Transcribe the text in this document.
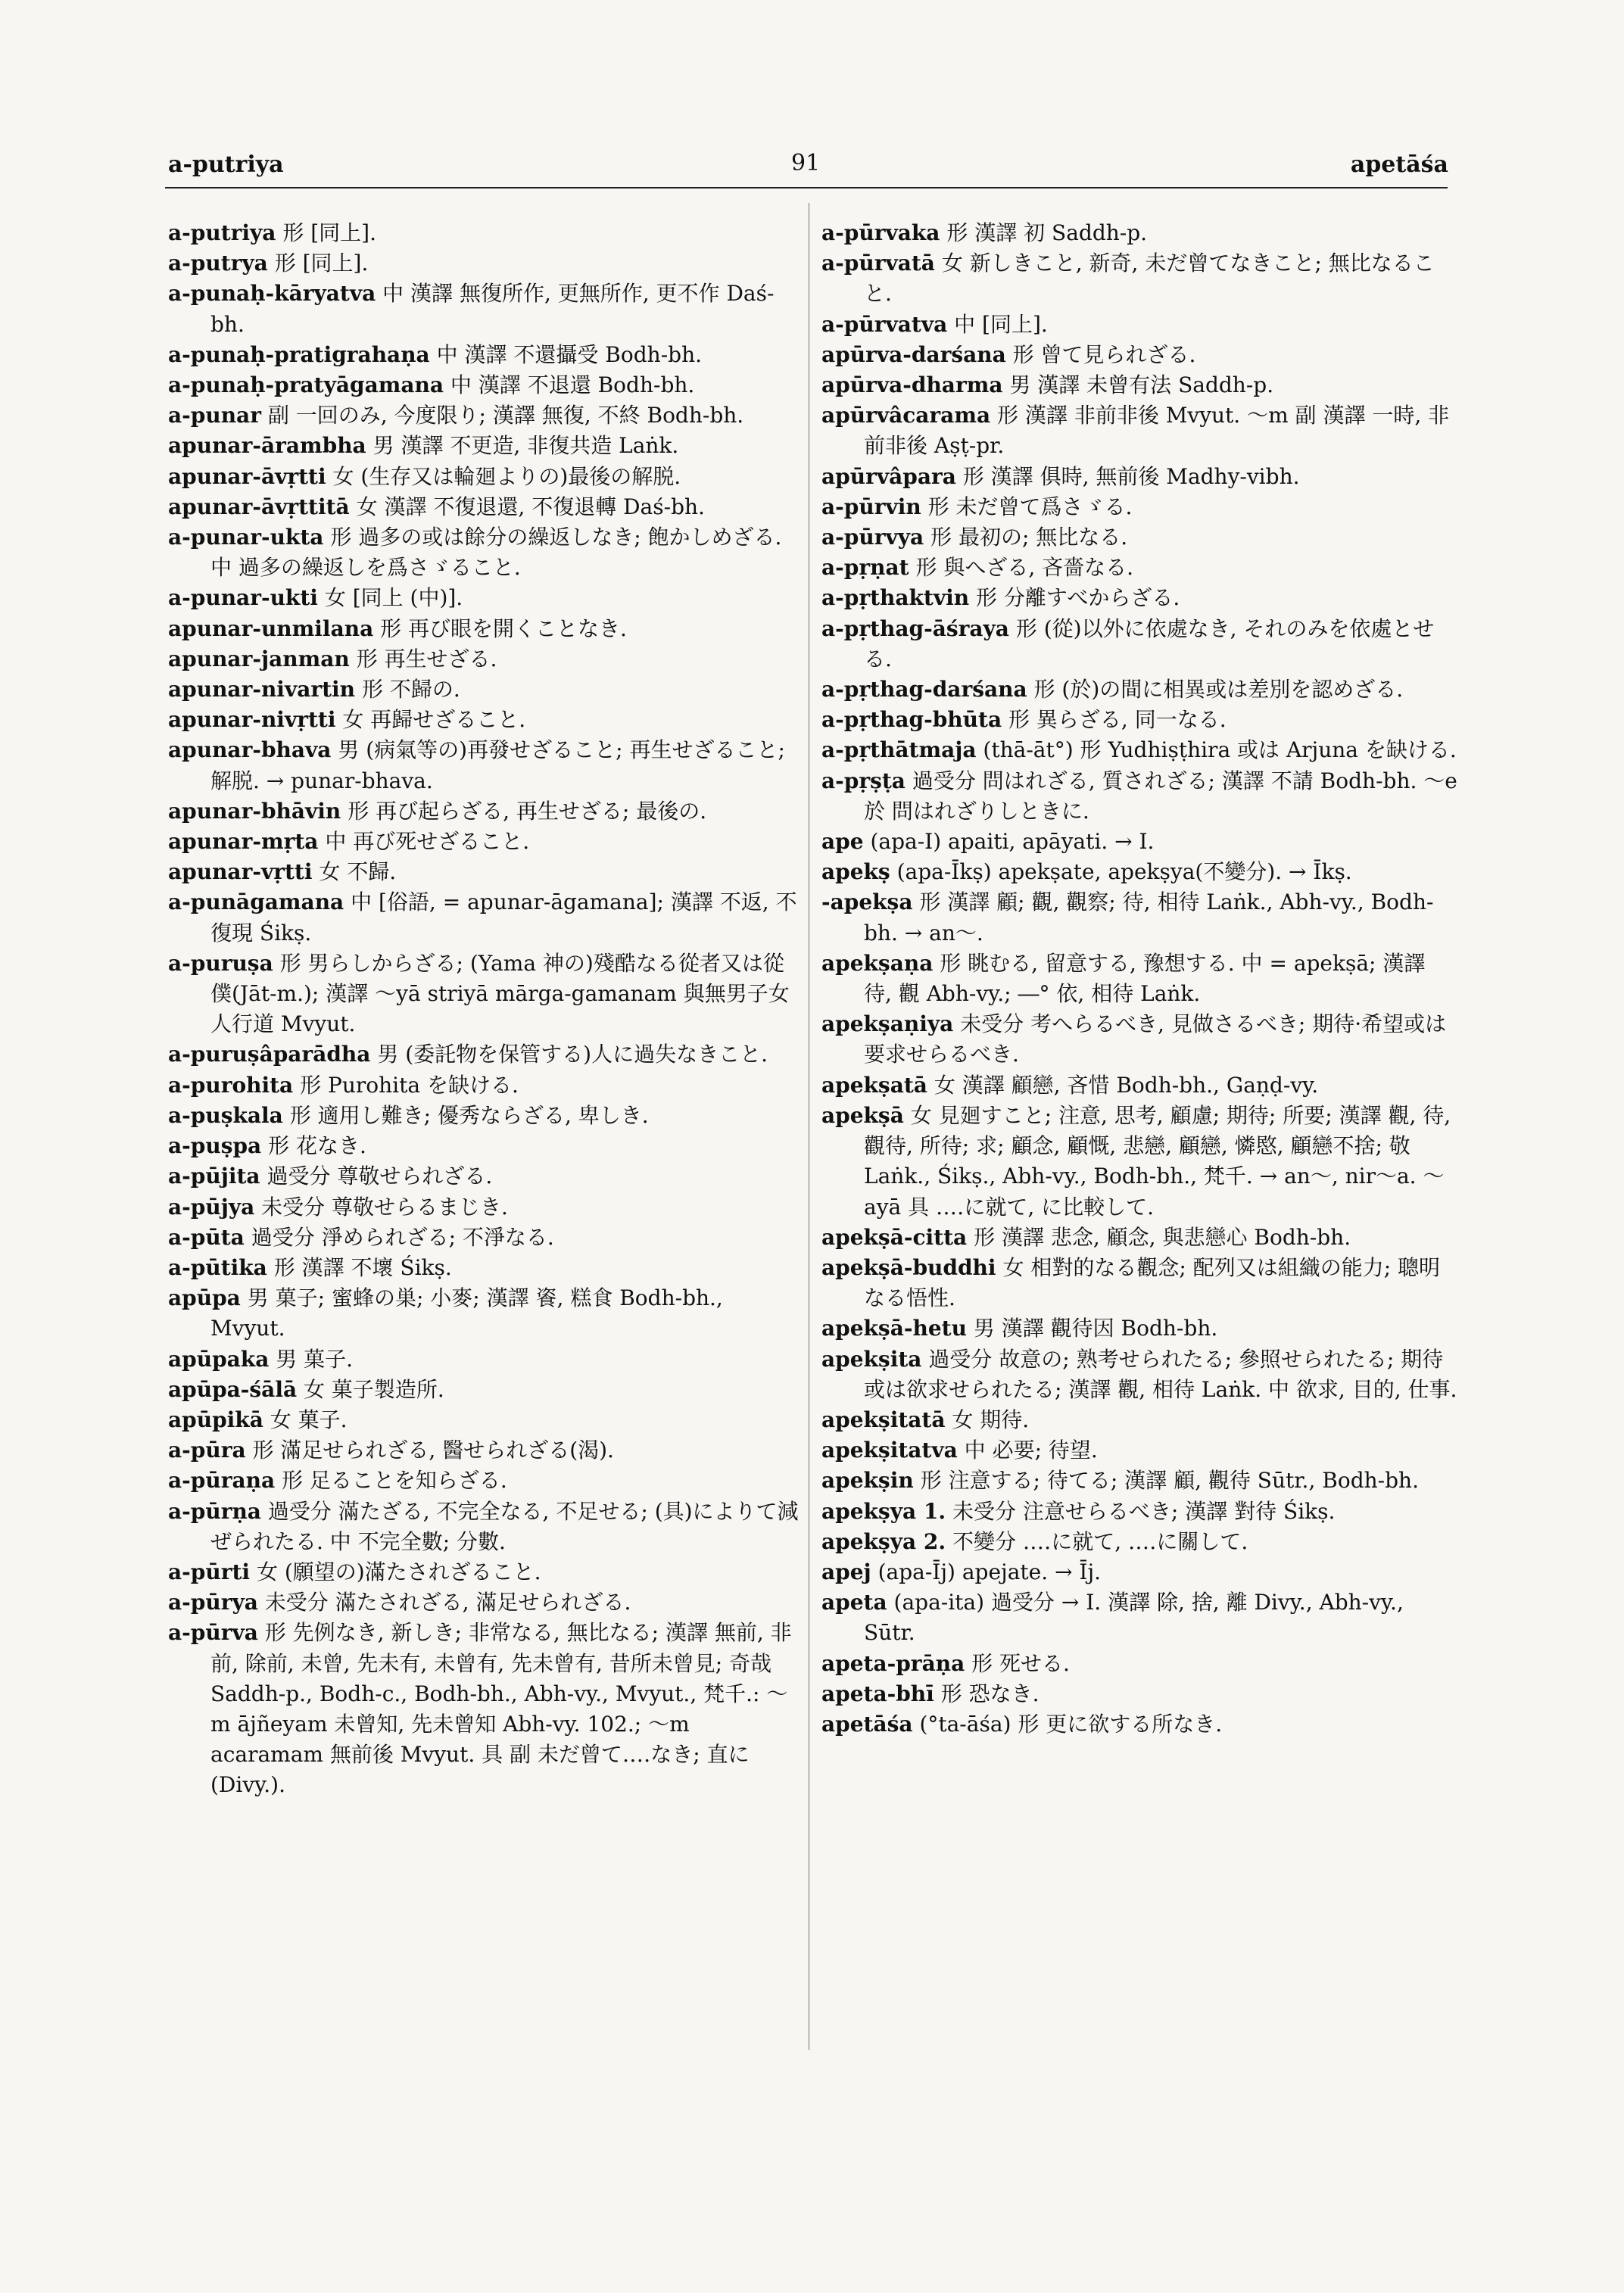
a-putriya	91	apetāśa
a-putriya 形 [同上].
a-putrya 形 [同上].
a-punaḥ-kāryatva 中 漢譯 無復所作, 更無所作, 更不作 Daś-bh.
a-punaḥ-pratigrahaṇa 中 漢譯 不還攝受 Bodh-bh.
a-punaḥ-pratyāgamana 中 漢譯 不退還 Bodh-bh.
a-punar 副 一回のみ, 今度限り; 漢譯 無復, 不終 Bodh-bh.
apunar-ārambha 男 漢譯 不更造, 非復共造 Laṅk.
apunar-āvṛtti 女 (生存又は輪廻よりの)最後の解脱.
apunar-āvṛttitā 女 漢譯 不復退還, 不復退轉 Daś-bh.
a-punar-ukta 形 過多の或は餘分の繰返しなき; 飽かしめざる. 中 過多の繰返しを爲さゞること.
a-punar-ukti 女 [同上 (中)].
apunar-unmilana 形 再び眼を開くことなき.
apunar-janman 形 再生せざる.
apunar-nivartin 形 不歸の.
apunar-nivṛtti 女 再歸せざること.
apunar-bhava 男 (病氣等の)再發せざること; 再生せざること; 解脱. → punar-bhava.
apunar-bhāvin 形 再び起らざる, 再生せざる; 最後の.
apunar-mṛta 中 再び死せざること.
apunar-vṛtti 女 不歸.
a-punāgamana 中 [俗語, = apunar-āgamana]; 漢譯 不返, 不復現 Śikṣ.
a-puruṣa 形 男らしからざる; (Yama 神の)殘酷なる從者又は從僕(Jāt-m.); 漢譯 〜yā striyā mārga-gamanam 與無男子女人行道 Mvyut.
a-puruṣâparādha 男 (委託物を保管する)人に過失なきこと.
a-purohita 形 Purohita を缺ける.
a-puṣkala 形 適用し難き; 優秀ならざる, 卑しき.
a-puṣpa 形 花なき.
a-pūjita 過受分 尊敬せられざる.
a-pūjya 未受分 尊敬せらるまじき.
a-pūta 過受分 淨められざる; 不淨なる.
a-pūtika 形 漢譯 不壞 Śikṣ.
apūpa 男 菓子; 蜜蜂の巣; 小麥; 漢譯 餈, 糕食 Bodh-bh., Mvyut.
apūpaka 男 菓子.
apūpa-śālā 女 菓子製造所.
apūpikā 女 菓子.
a-pūra 形 滿足せられざる, 醫せられざる(渴).
a-pūraṇa 形 足ることを知らざる.
a-pūrṇa 過受分 滿たざる, 不完全なる, 不足せる; (具)によりて減ぜられたる. 中 不完全數; 分數.
a-pūrti 女 (願望の)滿たされざること.
a-pūrya 未受分 滿たされざる, 滿足せられざる.
a-pūrva 形 先例なき, 新しき; 非常なる, 無比なる; 漢譯 無前, 非前, 除前, 未曾, 先未有, 未曾有, 先未曾有, 昔所未曾見; 奇哉 Saddh-p., Bodh-c., Bodh-bh., Abh-vy., Mvyut., 梵千.: 〜m ājñeyam 未曾知, 先未曾知 Abh-vy. 102.; 〜m acaramam 無前後 Mvyut. 具 副 未だ曾て‥‥なき; 直に (Divy.).
a-pūrvaka 形 漢譯 初 Saddh-p.
a-pūrvatā 女 新しきこと, 新奇, 未だ曾てなきこと; 無比なること.
a-pūrvatva 中 [同上].
apūrva-darśana 形 曾て見られざる.
apūrva-dharma 男 漢譯 未曾有法 Saddh-p.
apūrvâcarama 形 漢譯 非前非後 Mvyut. 〜m 副 漢譯 一時, 非前非後 Aṣṭ-pr.
apūrvâpara 形 漢譯 俱時, 無前後 Madhy-vibh.
a-pūrvin 形 未だ曾て爲さゞる.
a-pūrvya 形 最初の; 無比なる.
a-pṛṇat 形 與へざる, 吝嗇なる.
a-pṛthaktvin 形 分離すべからざる.
a-pṛthag-āśraya 形 (從)以外に依處なき, それのみを依處とせる.
a-pṛthag-darśana 形 (於)の間に相異或は差別を認めざる.
a-pṛthag-bhūta 形 異らざる, 同一なる.
a-pṛthātmaja (thā-āt°) 形 Yudhiṣṭhira 或は Arjuna を缺ける.
a-pṛṣṭa 過受分 問はれざる, 質されざる; 漢譯 不請 Bodh-bh. 〜e 於 問はれざりしときに.
ape (apa-I) apaiti, apāyati. → I.
apekṣ (apa-Īkṣ) apekṣate, apekṣya(不變分). → Īkṣ.
-apekṣa 形 漢譯 顧; 觀, 觀察; 待, 相待 Laṅk., Abh-vy., Bodh-bh. → an〜.
apekṣaṇa 形 眺むる, 留意する, 豫想する. 中 = apekṣā; 漢譯 待, 觀 Abh-vy.; ―° 依, 相待 Laṅk.
apekṣaṇiya 未受分 考へらるべき, 見做さるべき; 期待·希望或は要求せらるべき.
apekṣatā 女 漢譯 顧戀, 吝惜 Bodh-bh., Gaṇḍ-vy.
apekṣā 女 見廻すこと; 注意, 思考, 顧慮; 期待; 所要; 漢譯 觀, 待, 觀待, 所待; 求; 顧念, 顧慨, 悲戀, 顧戀, 憐愍, 顧戀不捨; 敬 Laṅk., Śikṣ., Abh-vy., Bodh-bh., 梵千. → an〜, nir〜a. 〜ayā 具 ‥‥に就て, に比較して.
apekṣā-citta 形 漢譯 悲念, 顧念, 與悲戀心 Bodh-bh.
apekṣā-buddhi 女 相對的なる觀念; 配列又は組織の能力; 聰明なる悟性.
apekṣā-hetu 男 漢譯 觀待因 Bodh-bh.
apekṣita 過受分 故意の; 熟考せられたる; 參照せられたる; 期待或は欲求せられたる; 漢譯 觀, 相待 Laṅk. 中 欲求, 目的, 仕事.
apekṣitatā 女 期待.
apekṣitatva 中 必要; 待望.
apekṣin 形 注意する; 待てる; 漢譯 顧, 觀待 Sūtr., Bodh-bh.
apekṣya 1. 未受分 注意せらるべき; 漢譯 對待 Śikṣ.
apekṣya 2. 不變分 ‥‥に就て, ‥‥に關して.
apej (apa-Īj) apejate. → Īj.
apeta (apa-ita) 過受分 → I. 漢譯 除, 捨, 離 Divy., Abh-vy., Sūtr.
apeta-prāṇa 形 死せる.
apeta-bhī 形 恐なき.
apetāśa (°ta-āśa) 形 更に欲する所なき.
